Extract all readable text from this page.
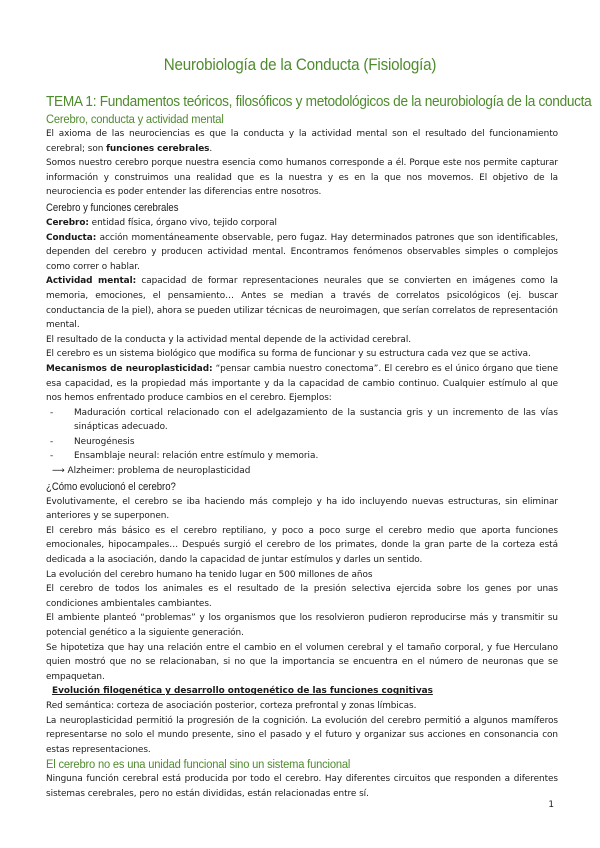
Neurobiología de la Conducta (Fisiología)
TEMA 1: Fundamentos teóricos, filosóficos y metodológicos de la neurobiología de la conducta
Cerebro, conducta y actividad mental

El axioma de las neurociencias es que la conducta y la actividad mental son el resultado del funcionamiento cerebral; son funciones cerebrales.

Somos nuestro cerebro porque nuestra esencia como humanos corresponde a él. Porque este nos permite capturar información y construimos una realidad que es la nuestra y es en la que nos movemos. El objetivo de la neurociencia es poder entender las diferencias entre nosotros.

Cerebro y funciones cerebrales

Cerebro: entidad física, órgano vivo, tejido corporal

Conducta: acción momentáneamente observable, pero fugaz. Hay determinados patrones que son identificables, dependen del cerebro y producen actividad mental. Encontramos fenómenos observables simples o complejos como correr o hablar.

Actividad mental: capacidad de formar representaciones neurales que se convierten en imágenes como la memoria, emociones, el pensamiento… Antes se median a través de correlatos psicológicos (ej. buscar conductancia de la piel), ahora se pueden utilizar técnicas de neuroimagen, que serían correlatos de representación mental.

El resultado de la conducta y la actividad mental depende de la actividad cerebral.

El cerebro es un sistema biológico que modifica su forma de funcionar y su estructura cada vez que se activa.

Mecanismos de neuroplasticidad: “pensar cambia nuestro conectoma”. El cerebro es el único órgano que tiene esa capacidad, es la propiedad más importante y da la capacidad de cambio continuo. Cualquier estímulo al que nos hemos enfrentado produce cambios en el cerebro. Ejemplos:

- Maduración cortical relacionado con el adelgazamiento de la sustancia gris y un incremento de las vías sinápticas adecuado.
- Neurogénesis
- Ensamblaje neural: relación entre estímulo y memoria.
⟶ Alzheimer: problema de neuroplasticidad
¿Cómo evolucionó el cerebro?

Evolutivamente, el cerebro se iba haciendo más complejo y ha ido incluyendo nuevas estructuras, sin eliminar anteriores y se superponen.

El cerebro más básico es el cerebro reptiliano, y poco a poco surge el cerebro medio que aporta funciones emocionales, hipocampales… Después surgió el cerebro de los primates, donde la gran parte de la corteza está dedicada a la asociación, dando la capacidad de juntar estímulos y darles un sentido.

La evolución del cerebro humano ha tenido lugar en 500 millones de años

El cerebro de todos los animales es el resultado de la presión selectiva ejercida sobre los genes por unas condiciones ambientales cambiantes.

El ambiente planteó “problemas” y los organismos que los resolvieron pudieron reproducirse más y transmitir su potencial genético a la siguiente generación.

Se hipotetiza que hay una relación entre el cambio en el volumen cerebral y el tamaño corporal, y fue Herculano quien mostró que no se relacionaban, si no que la importancia se encuentra en el número de neuronas que se empaquetan.

Evolución filogenética y desarrollo ontogenético de las funciones cognitivas

Red semántica: corteza de asociación posterior, corteza prefrontal y zonas límbicas.

La neuroplasticidad permitió la progresión de la cognición. La evolución del cerebro permitió a algunos mamíferos representarse no solo el mundo presente, sino el pasado y el futuro y organizar sus acciones en consonancia con estas representaciones.

El cerebro no es una unidad funcional sino un sistema funcional

Ninguna función cerebral está producida por todo el cerebro. Hay diferentes circuitos que responden a diferentes sistemas cerebrales, pero no están divididas, están relacionadas entre sí.

1
